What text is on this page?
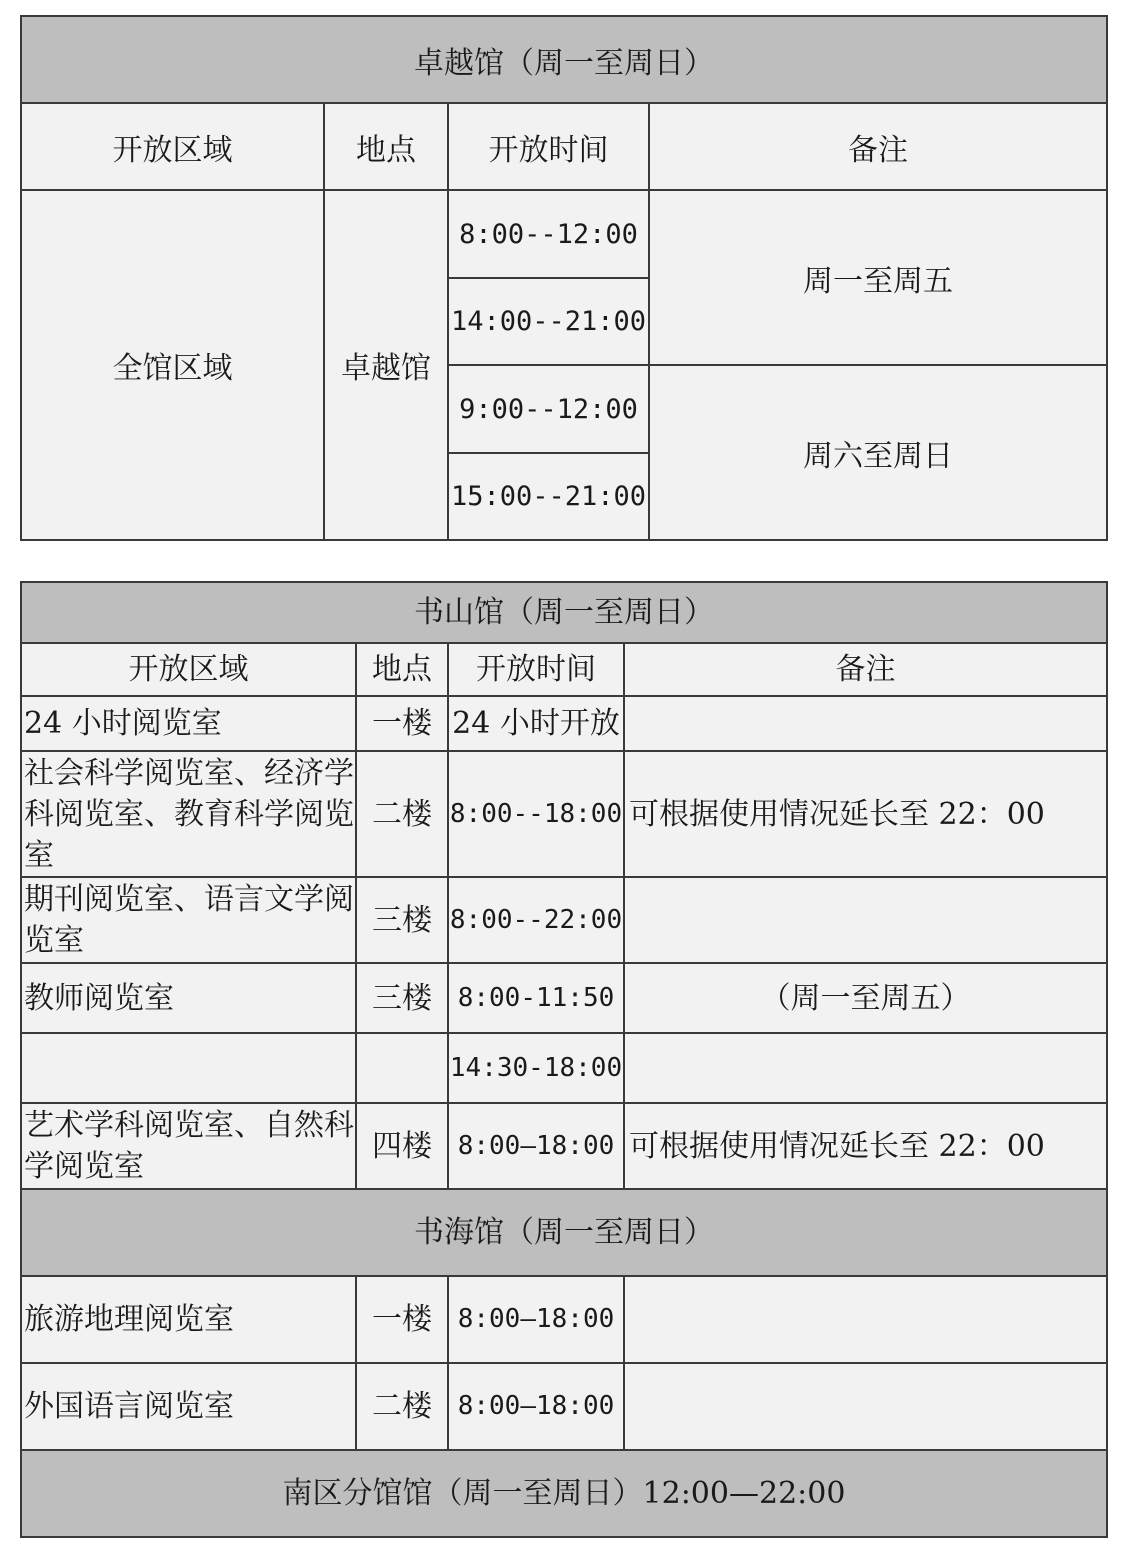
卓越馆（周一至周日）			
开放区域	地点	开放时间	备注
全馆区域	卓越馆	8:00--12:00	周一至周五
		14:00--21:00	
		9:00--12:00	周六至周日
		15:00--21:00	
书山馆（周一至周日）			
开放区域	地点	开放时间	备注
24 小时阅览室	一楼	24 小时开放	
社会科学阅览室、经济学科阅览室、教育科学阅览室	二楼	8:00--18:00	可根据使用情况延长至 22：00
期刊阅览室、语言文学阅览室	三楼	8:00--22:00	
教师阅览室	三楼	8:00-11:50	（周一至周五）
		14:30-18:00	
艺术学科阅览室、自然科学阅览室	四楼	8:00—18:00	可根据使用情况延长至 22：00
书海馆（周一至周日）			
旅游地理阅览室	一楼	8:00—18:00	
外国语言阅览室	二楼	8:00—18:00	
南区分馆馆（周一至周日）12:00—22:00			
